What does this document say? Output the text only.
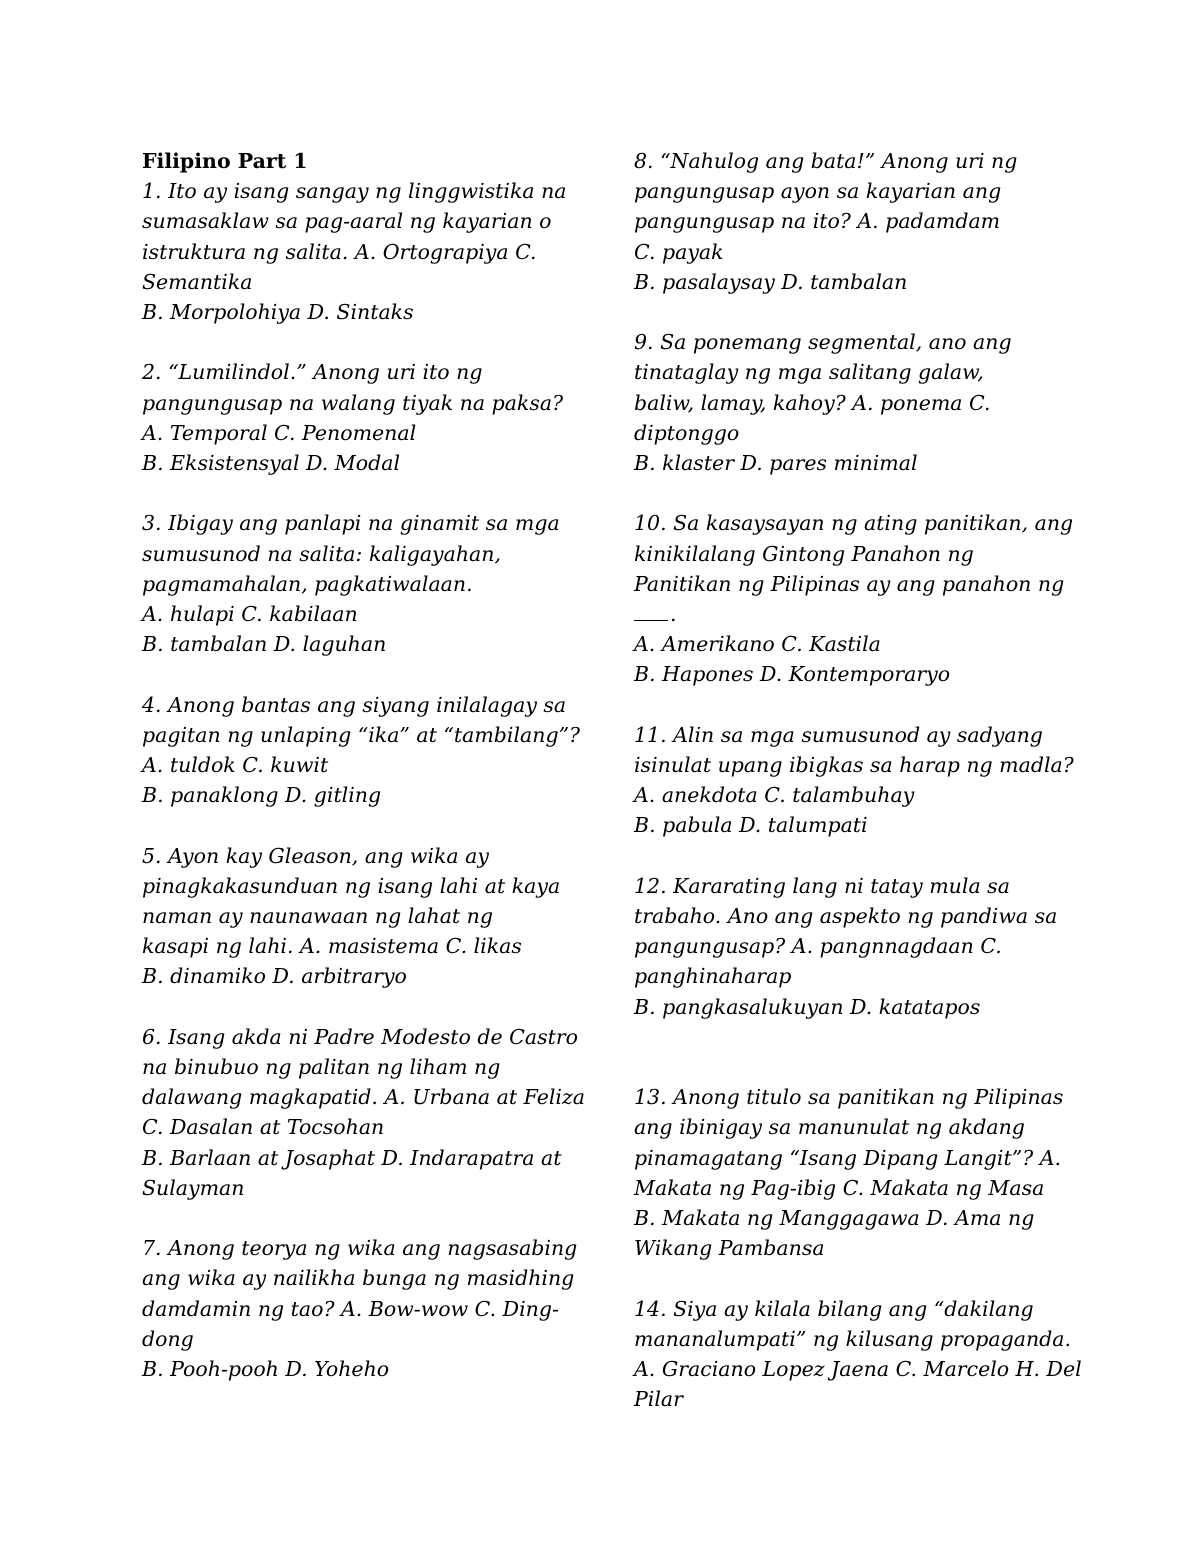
Filipino Part 1
1. Ito ay isang sangay ng linggwistika na
sumasaklaw sa pag-aaral ng kayarian o
istruktura ng salita. A. Ortograpiya C.
Semantika
B. Morpolohiya D. Sintaks
2. “Lumilindol.” Anong uri ito ng
pangungusap na walang tiyak na paksa?
A. Temporal C. Penomenal
B. Eksistensyal D. Modal
3. Ibigay ang panlapi na ginamit sa mga
sumusunod na salita: kaligayahan,
pagmamahalan, pagkatiwalaan.
A. hulapi C. kabilaan
B. tambalan D. laguhan
4. Anong bantas ang siyang inilalagay sa
pagitan ng unlaping “ika” at “tambilang”?
A. tuldok C. kuwit
B. panaklong D. gitling
5. Ayon kay Gleason, ang wika ay
pinagkakasunduan ng isang lahi at kaya
naman ay naunawaan ng lahat ng
kasapi ng lahi. A. masistema C. likas
B. dinamiko D. arbitraryo
6. Isang akda ni Padre Modesto de Castro
na binubuo ng palitan ng liham ng
dalawang magkapatid. A. Urbana at Feliza
C. Dasalan at Tocsohan
B. Barlaan at Josaphat D. Indarapatra at
Sulayman
7. Anong teorya ng wika ang nagsasabing
ang wika ay nailikha bunga ng masidhing
damdamin ng tao? A. Bow-wow C. Ding-
dong
B. Pooh-pooh D. Yoheho
8. “Nahulog ang bata!” Anong uri ng
pangungusap ayon sa kayarian ang
pangungusap na ito? A. padamdam
C. payak
B. pasalaysay D. tambalan
9. Sa ponemang segmental, ano ang
tinataglay ng mga salitang galaw,
baliw, lamay, kahoy? A. ponema C.
diptonggo
B. klaster D. pares minimal
10. Sa kasaysayan ng ating panitikan, ang
kinikilalang Gintong Panahon ng
Panitikan ng Pilipinas ay ang panahon ng
.
A. Amerikano C. Kastila
B. Hapones D. Kontemporaryo
11. Alin sa mga sumusunod ay sadyang
isinulat upang ibigkas sa harap ng madla?
A. anekdota C. talambuhay
B. pabula D. talumpati
12. Kararating lang ni tatay mula sa
trabaho. Ano ang aspekto ng pandiwa sa
pangungusap? A. pangnnagdaan C.
panghinaharap
B. pangkasalukuyan D. katatapos
13. Anong titulo sa panitikan ng Pilipinas
ang ibinigay sa manunulat ng akdang
pinamagatang “Isang Dipang Langit”? A.
Makata ng Pag-ibig C. Makata ng Masa
B. Makata ng Manggagawa D. Ama ng
Wikang Pambansa
14. Siya ay kilala bilang ang “dakilang
mananalumpati” ng kilusang propaganda.
A. Graciano Lopez Jaena C. Marcelo H. Del
Pilar
